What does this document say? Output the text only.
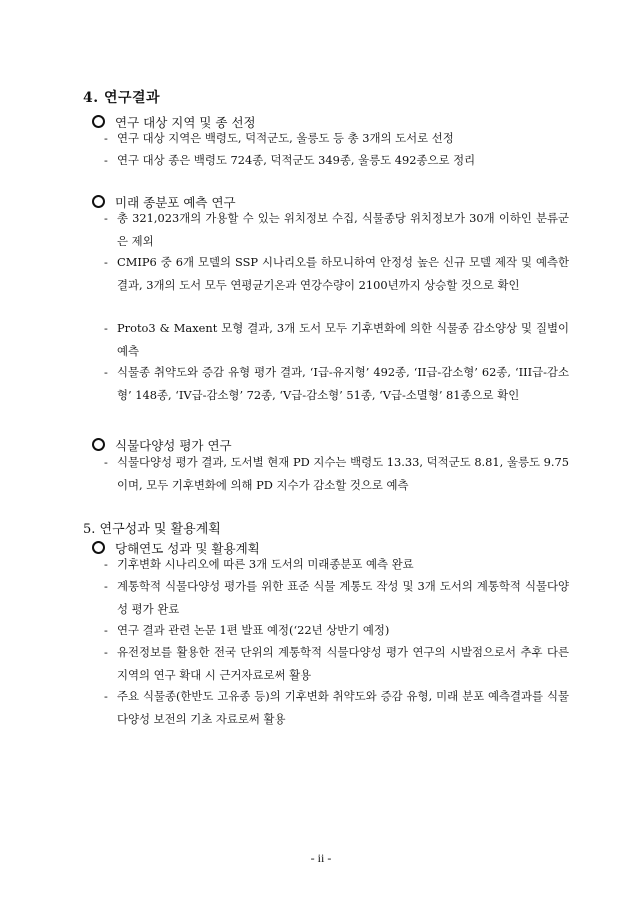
4. 연구결과
연구 대상 지역 및 종 선정
- 연구 대상 지역은 백령도, 덕적군도, 울릉도 등 총 3개의 도서로 선정
- 연구 대상 종은 백령도 724종, 덕적군도 349종, 울릉도 492종으로 정리
미래 종분포 예측 연구
- 총 321,023개의 가용할 수 있는 위치정보 수집, 식물종당 위치정보가 30개 이하인 분류군은 제외
- CMIP6 중 6개 모델의 SSP 시나리오를 하모니하여 안정성 높은 신규 모델 제작 및 예측한 결과, 3개의 도서 모두 연평균기온과 연강수량이 2100년까지 상승할 것으로 확인
- Proto3 & Maxent 모형 결과, 3개 도서 모두 기후변화에 의한 식물종 감소양상 및 질별이 예측
- 식물종 취약도와 증감 유형 평가 결과, ‘I급-유지형’ 492종, ‘II급-감소형’ 62종, ‘III급-감소형’ 148종, ‘IV급-감소형’ 72종, ‘V급-감소형’ 51종, ‘V급-소멸형’ 81종으로 확인
식물다양성 평가 연구
- 식물다양성 평가 결과, 도서별 현재 PD 지수는 백령도 13.33, 덕적군도 8.81, 울릉도 9.75이며, 모두 기후변화에 의해 PD 지수가 감소할 것으로 예측
5. 연구성과 및 활용계획
당해연도 성과 및 활용계획
- 기후변화 시나리오에 따른 3개 도서의 미래종분포 예측 완료
- 계통학적 식물다양성 평가를 위한 표준 식물 계통도 작성 및 3개 도서의 계통학적 식물다양성 평가 완료
- 연구 결과 관련 논문 1편 발표 예정(‘22년 상반기 예정)
- 유전정보를 활용한 전국 단위의 계통학적 식물다양성 평가 연구의 시발점으로서 추후 다른 지역의 연구 확대 시 근거자료로써 활용
- 주요 식물종(한반도 고유종 등)의 기후변화 취약도와 증감 유형, 미래 분포 예측결과를 식물다양성 보전의 기초 자료로써 활용
- ii -
